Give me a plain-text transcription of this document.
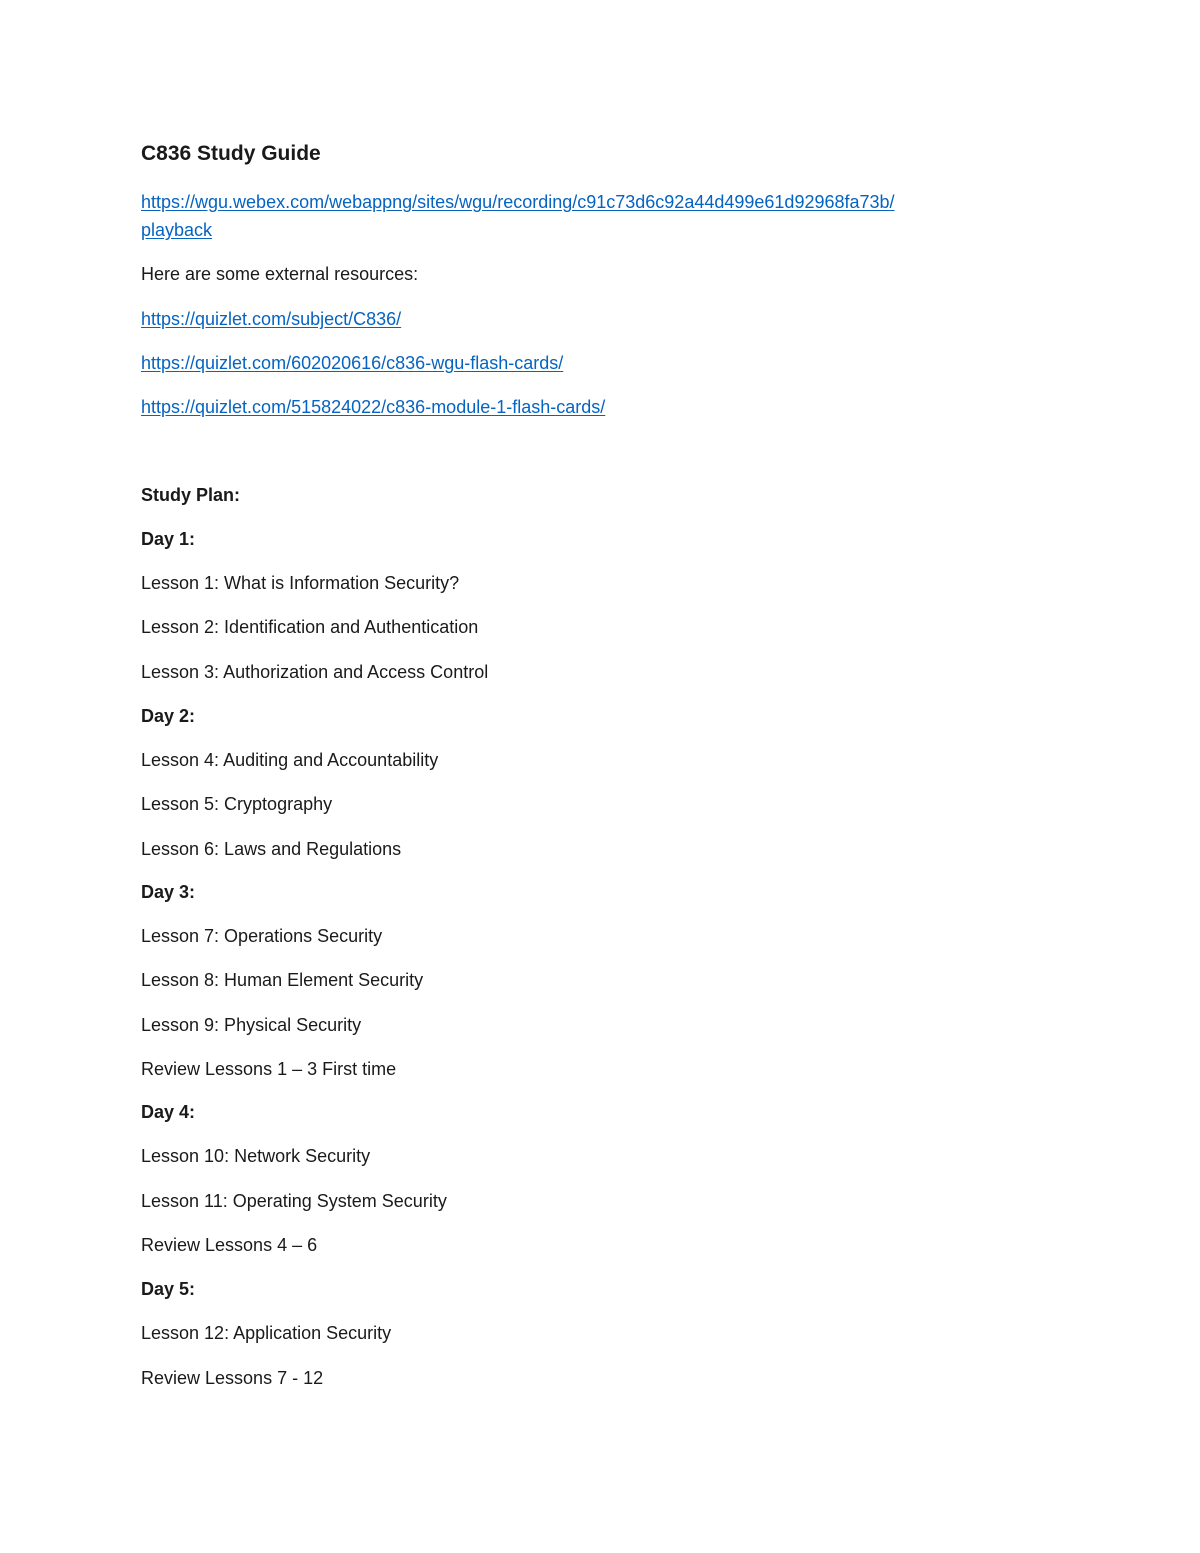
C836 Study Guide
https://wgu.webex.com/webappng/sites/wgu/recording/c91c73d6c92a44d499e61d92968fa73b/
playback
Here are some external resources:
https://quizlet.com/subject/C836/
https://quizlet.com/602020616/c836-wgu-flash-cards/
https://quizlet.com/515824022/c836-module-1-flash-cards/
Study Plan:
Day 1:
Lesson 1: What is Information Security?
Lesson 2: Identification and Authentication
Lesson 3: Authorization and Access Control
Day 2:
Lesson 4: Auditing and Accountability
Lesson 5: Cryptography
Lesson 6: Laws and Regulations
Day 3:
Lesson 7: Operations Security
Lesson 8: Human Element Security
Lesson 9: Physical Security
Review Lessons 1 – 3 First time
Day 4:
Lesson 10: Network Security
Lesson 11: Operating System Security
Review Lessons 4 – 6
Day 5:
Lesson 12: Application Security
Review Lessons 7 - 12
